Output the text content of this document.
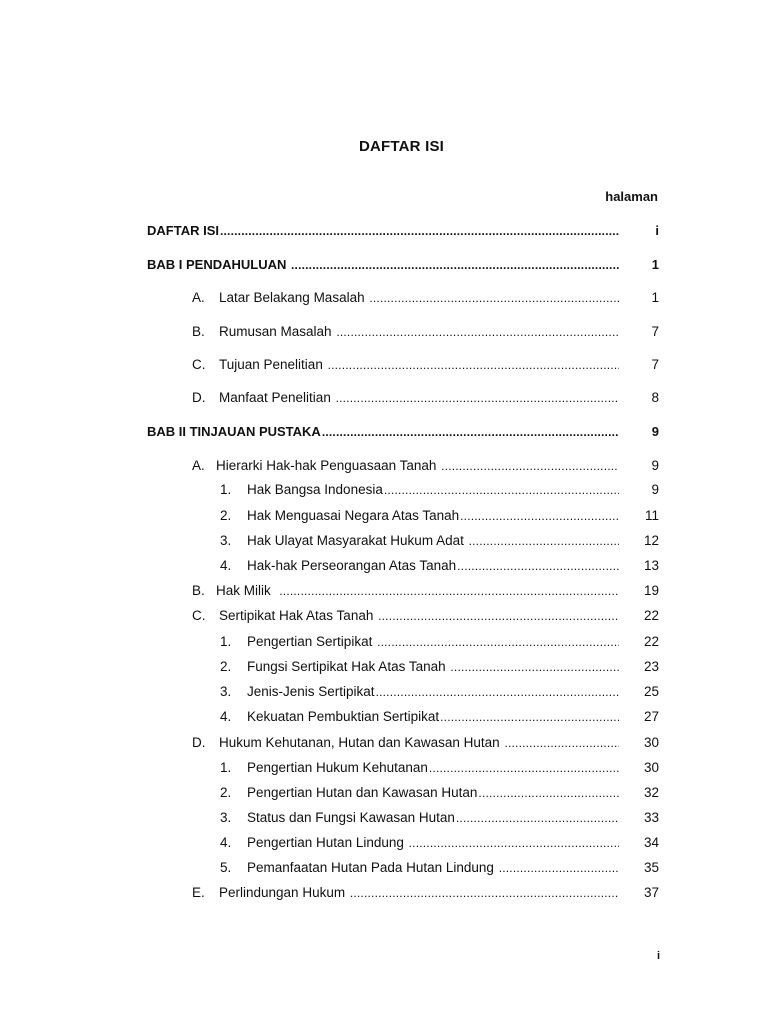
DAFTAR ISI
halaman
DAFTAR ISI .....	i
BAB I PENDAHULUAN .....	1
A.	Latar Belakang Masalah .....	1
B.	Rumusan Masalah .....	7
C.	Tujuan Penelitian .....	7
D.	Manfaat Penelitian .....	8
BAB II TINJAUAN PUSTAKA .....	9
A. Hierarki Hak-hak Penguasaan Tanah .....	9
1.	Hak Bangsa Indonesia .....	9
2.	Hak Menguasai Negara Atas Tanah .....	11
3.	Hak Ulayat Masyarakat Hukum Adat .....	12
4.	Hak-hak Perseorangan Atas Tanah .....	13
B. Hak Milik .....	19
C.	Sertipikat Hak Atas Tanah .....	22
1.	Pengertian Sertipikat .....	22
2.	Fungsi Sertipikat Hak Atas Tanah .....	23
3.	Jenis-Jenis Sertipikat .....	25
4.	Kekuatan Pembuktian Sertipikat .....	27
D.	Hukum Kehutanan, Hutan dan Kawasan Hutan .....	30
1.	Pengertian Hukum Kehutanan .....	30
2.	Pengertian Hutan dan Kawasan Hutan .....	32
3.	Status dan Fungsi Kawasan Hutan .....	33
4.	Pengertian Hutan Lindung .....	34
5.	Pemanfaatan Hutan Pada Hutan Lindung .....	35
E.	Perlindungan Hukum .....	37
i
